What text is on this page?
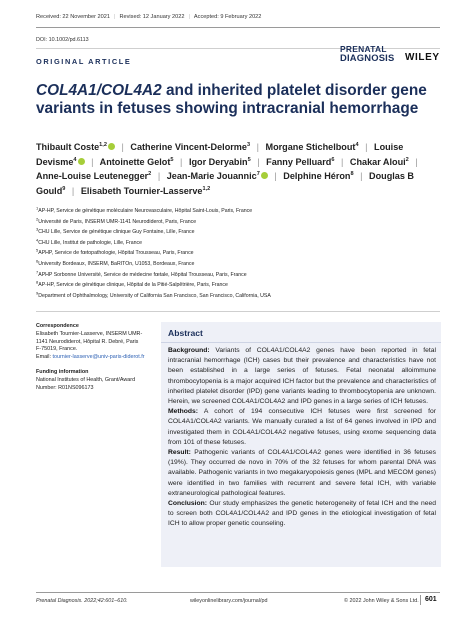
Received: 22 November 2021 | Revised: 12 January 2022 | Accepted: 9 February 2022
DOI: 10.1002/pd.6113
ORIGINAL ARTICLE
PRENATAL
DIAGNOSIS	WILEY
COL4A1/COL4A2 and inherited platelet disorder gene variants in fetuses showing intracranial hemorrhage
Thibault Coste$^{1,2}$ | Catherine Vincent-Delorme$^3$ | Morgane Stichelbout$^4$ | Louise Devisme$^4$ | Antoinette Gelot$^5$ | Igor Deryabin$^5$ | Fanny Pelluard$^6$ | Chakar Aloui$^2$ | Anne-Louise Leutenegger$^2$ | Jean-Marie Jouannic$^7$ | Delphine Héron$^8$ | Douglas B Gould$^9$ | Elisabeth Tournier-Lasserve$^{1,2}$
$^1$AP-HP, Service de génétique moléculaire Neurovasculaire, Hôpital Saint-Louis, Paris, France
$^2$Université de Paris, INSERM UMR-1141 Neurodiderot, Paris, France
$^3$CHU Lille, Service de génétique clinique Guy Fontaine, Lille, France
$^4$CHU Lille, Institut de pathologie, Lille, France
$^5$APHP, Service de fœtopathologie, Hôpital Trousseau, Paris, France
$^6$University Bordeaux, INSERM, BaRITOn, U1053, Bordeaux, France
$^7$APHP Sorbonne Université, Service de médecine fœtale, Hôpital Trousseau, Paris, France
$^8$AP-HP, Service de génétique clinique, Hôpital de la Pitié-Salpêtrière, Paris, France
$^9$Department of Ophthalmology, University of California San Francisco, San Francisco, California, USA
Correspondence
Elisabeth Tournier-Lasserve, INSERM UMR-
1141 Neurodiderot, Hôpital R. Debré, Paris
F-75019, France.
Email: tournier-lasserve@univ-paris-diderot.fr
Funding information
National Institutes of Health, Grant/Award
Number: R01NS096173
Abstract

Background: Variants of COL4A1/COL4A2 genes have been reported in fetal intracranial hemorrhage (ICH) cases but their prevalence and characteristics have not been established in a large series of fetuses. Fetal neonatal alloimmune thrombocytopenia is a major acquired ICH factor but the prevalence and characteristics of inherited platelet disorder (IPD) gene variants leading to thrombocytopenia are unknown. Herein, we screened COL4A1/COL4A2 and IPD genes in a large series of ICH fetuses.

Methods: A cohort of 194 consecutive ICH fetuses were first screened for COL4A1/COL4A2 variants. We manually curated a list of 64 genes involved in IPD and investigated them in COL4A1/COL4A2 negative fetuses, using exome sequencing data from 101 of these fetuses.

Result: Pathogenic variants of COL4A1/COL4A2 genes were identified in 36 fetuses (19%). They occurred de novo in 70% of the 32 fetuses for whom parental DNA was available. Pathogenic variants in two megakaryopoiesis genes (MPL and MECOM genes) were identified in two families with recurrent and severe fetal ICH, with variable extraneurological pathological features.

Conclusion: Our study emphasizes the genetic heterogeneity of fetal ICH and the need to screen both COL4A1/COL4A2 and IPD genes in the etiological investigation of fetal ICH to allow proper genetic counseling.

Prenatal Diagnosis. 2022;42:601–610.	wileyonlinelibrary.com/journal/pd	© 2022 John Wiley & Sons Ltd. 601
